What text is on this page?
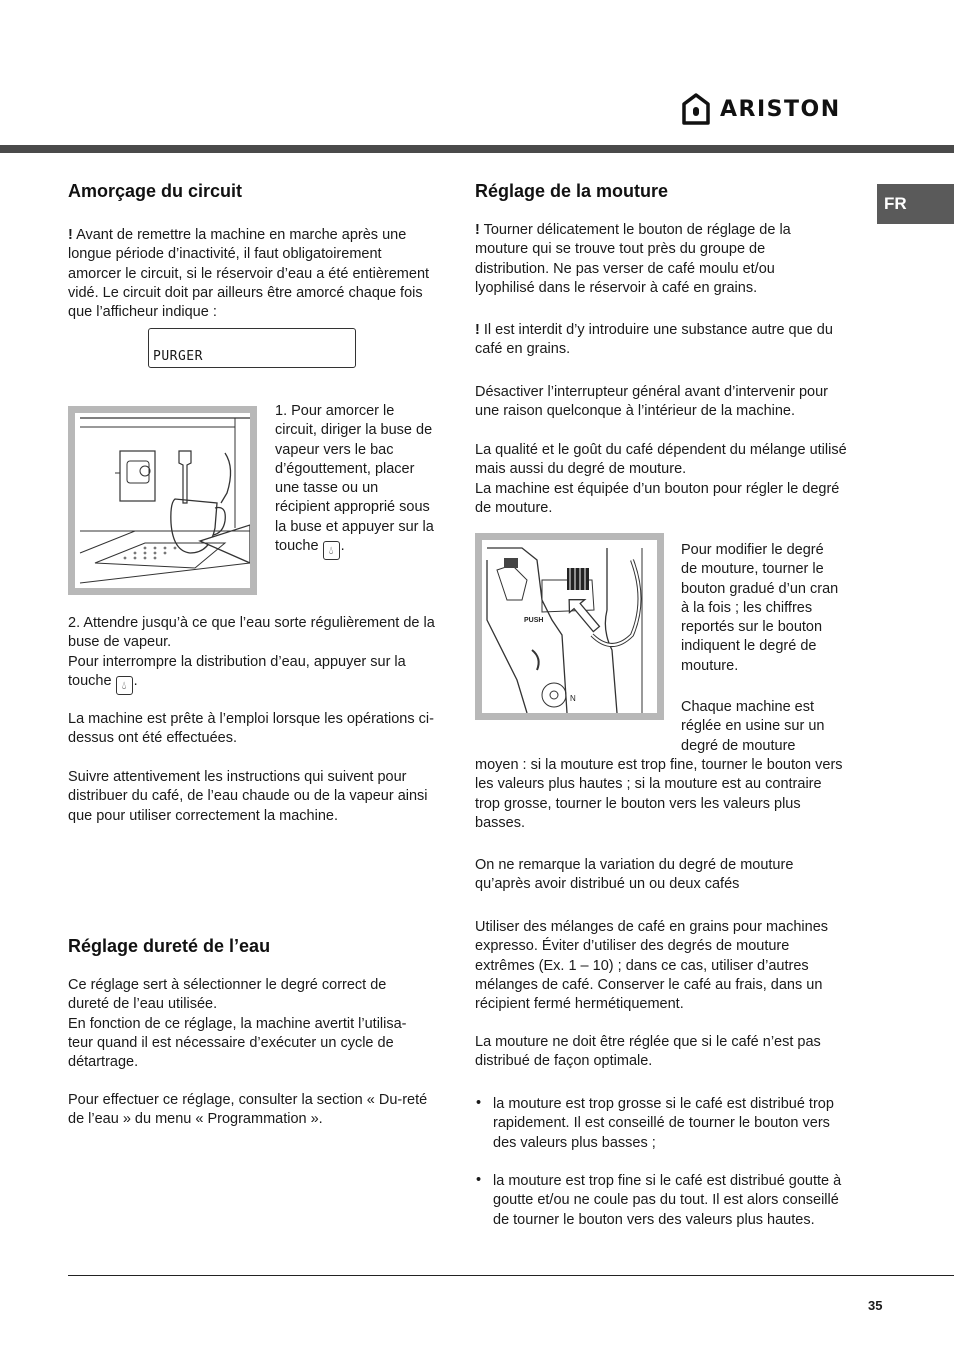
ARISTON
FR
Amorçage du circuit

! Avant de remettre la machine en marche après une longue période d’inactivité, il faut obligatoirement amorcer le circuit, si le réservoir d’eau a été entièrement vidé. Le circuit doit par ailleurs être amorcé chaque fois que l’afficheur indique :

PURGER

1. Pour amorcer le circuit, diriger la buse de vapeur vers le bac d’égouttement, placer une tasse ou un récipient approprié sous la buse et appuyer sur la touche 💧︎ .

2. Attendre jusqu’à ce que l’eau sorte régulièrement de la buse de vapeur.
Pour interrompre la distribution d’eau, appuyer sur la touche 💧︎ .

La machine est prête à l’emploi lorsque les opérations ci-dessus ont été effectuées.

Suivre attentivement les instructions qui suivent pour distribuer du café, de l’eau chaude ou de la vapeur ainsi que pour utiliser correctement la machine.

Réglage dureté de l’eau

Ce réglage sert à sélectionner le degré correct de dureté de l’eau utilisée.
En fonction de ce réglage, la machine avertit l’utilisa-teur quand il est nécessaire d’exécuter un cycle de détartrage.

Pour effectuer ce réglage, consulter la section « Du-reté de l’eau » du menu « Programmation ».

Réglage de la mouture

! Tourner délicatement le bouton de réglage de la mouture qui se trouve tout près du groupe de distribution. Ne pas verser de café moulu et/ou lyophilisé dans le réservoir à café en grains.

! Il est interdit d’y introduire une substance autre que du café en grains.

Désactiver l’interrupteur général avant d’intervenir pour une raison quelconque à l’intérieur de la machine.

La qualité et le goût du café dépendent du mélange utilisé mais aussi du degré de mouture.
La machine est équipée d’un bouton pour régler le degré de mouture.

PUSH
N

Pour modifier le degré de mouture, tourner le bouton gradué d’un cran à la fois ; les chiffres reportés sur le bouton indiquent le degré de mouture.

Chaque machine est réglée en usine sur un degré de mouture

moyen : si la mouture est trop fine, tourner le bouton vers les valeurs plus hautes ; si la mouture est au contraire trop grosse, tourner le bouton vers les valeurs plus basses.

On ne remarque la variation du degré de mouture qu’après avoir distribué un ou deux cafés

Utiliser des mélanges de café en grains pour machines expresso. Éviter d’utiliser des degrés de mouture extrêmes (Ex. 1 – 10) ; dans ce cas, utiliser d’autres mélanges de café. Conserver le café au frais, dans un récipient fermé hermétiquement.

La mouture ne doit être réglée que si le café n’est pas distribué de façon optimale.

• la mouture est trop grosse si le café est distribué trop rapidement. Il est conseillé de tourner le bouton vers des valeurs plus basses ;

• la mouture est trop fine si le café est distribué goutte à goutte et/ou ne coule pas du tout. Il est alors conseillé de tourner le bouton vers des valeurs plus hautes.

35
